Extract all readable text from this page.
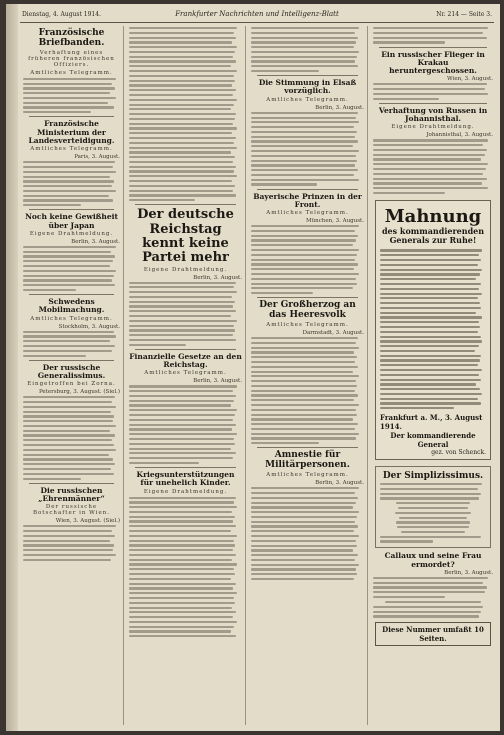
Dienstag, 4. August 1914.	Frankfurter Nachrichten und Intelligenz-Blatt	Nr. 214 — Seite 3.
Französische Briefbanden.
Verhaftung eines früheren französischen Offiziers.
Amtliches Telegramm.
Französische Ministerium der Landesverteidigung.
Amtliches Telegramm.
Paris, 3. August.
Noch keine Gewißheit über Japan
Eigene Drahtmeldung.
Berlin, 3. August.
Schwedens Mobilmachung.
Amtliches Telegramm.
Stockholm, 3. August.
Der russische Generalissimus.
Eingetroffen bei Zorna.
Petersburg, 3. August. (Siel.)
Die russischen „Ehrenmänner“
Der russische Botschafter in Wien.
Wien, 3. August. (Siel.)
Der deutsche Reichstag kennt keine Partei mehr
Eigene Drahtmeldung.
Berlin, 3. August.
Finanzielle Gesetze an den Reichstag.
Amtliches Telegramm.
Berlin, 3. August.
Kriegsunterstützungen für unehelich Kinder.
Eigene Drahtmeldung.
Die Stimmung in Elsaß vorzüglich.
Amtliches Telegramm.
Berlin, 3. August.
Bayerische Prinzen in der Front.
Amtliches Telegramm.
München, 3. August.
Der Großherzog an das Heeresvolk
Amtliches Telegramm.
Darmstadt, 3. August.
Amnestie für Militärpersonen.
Amtliches Telegramm.
Berlin, 3. August.
Ein russischer Flieger in Krakau heruntergeschossen.
Wien, 3. August.
Verhaftung von Russen in Johannisthal.
Eigene Drahtmeldung.
Johannisthal, 3. August.
Mahnung
des kommandierenden Generals zur Ruhe!
Frankfurt a. M., 3. August 1914.
Der kommandierende General
gez. von Schenck.
Der Simplizissimus.
Callaux und seine Frau ermordet?
Berlin, 3. August.
Diese Nummer umfaßt 10 Seiten.
